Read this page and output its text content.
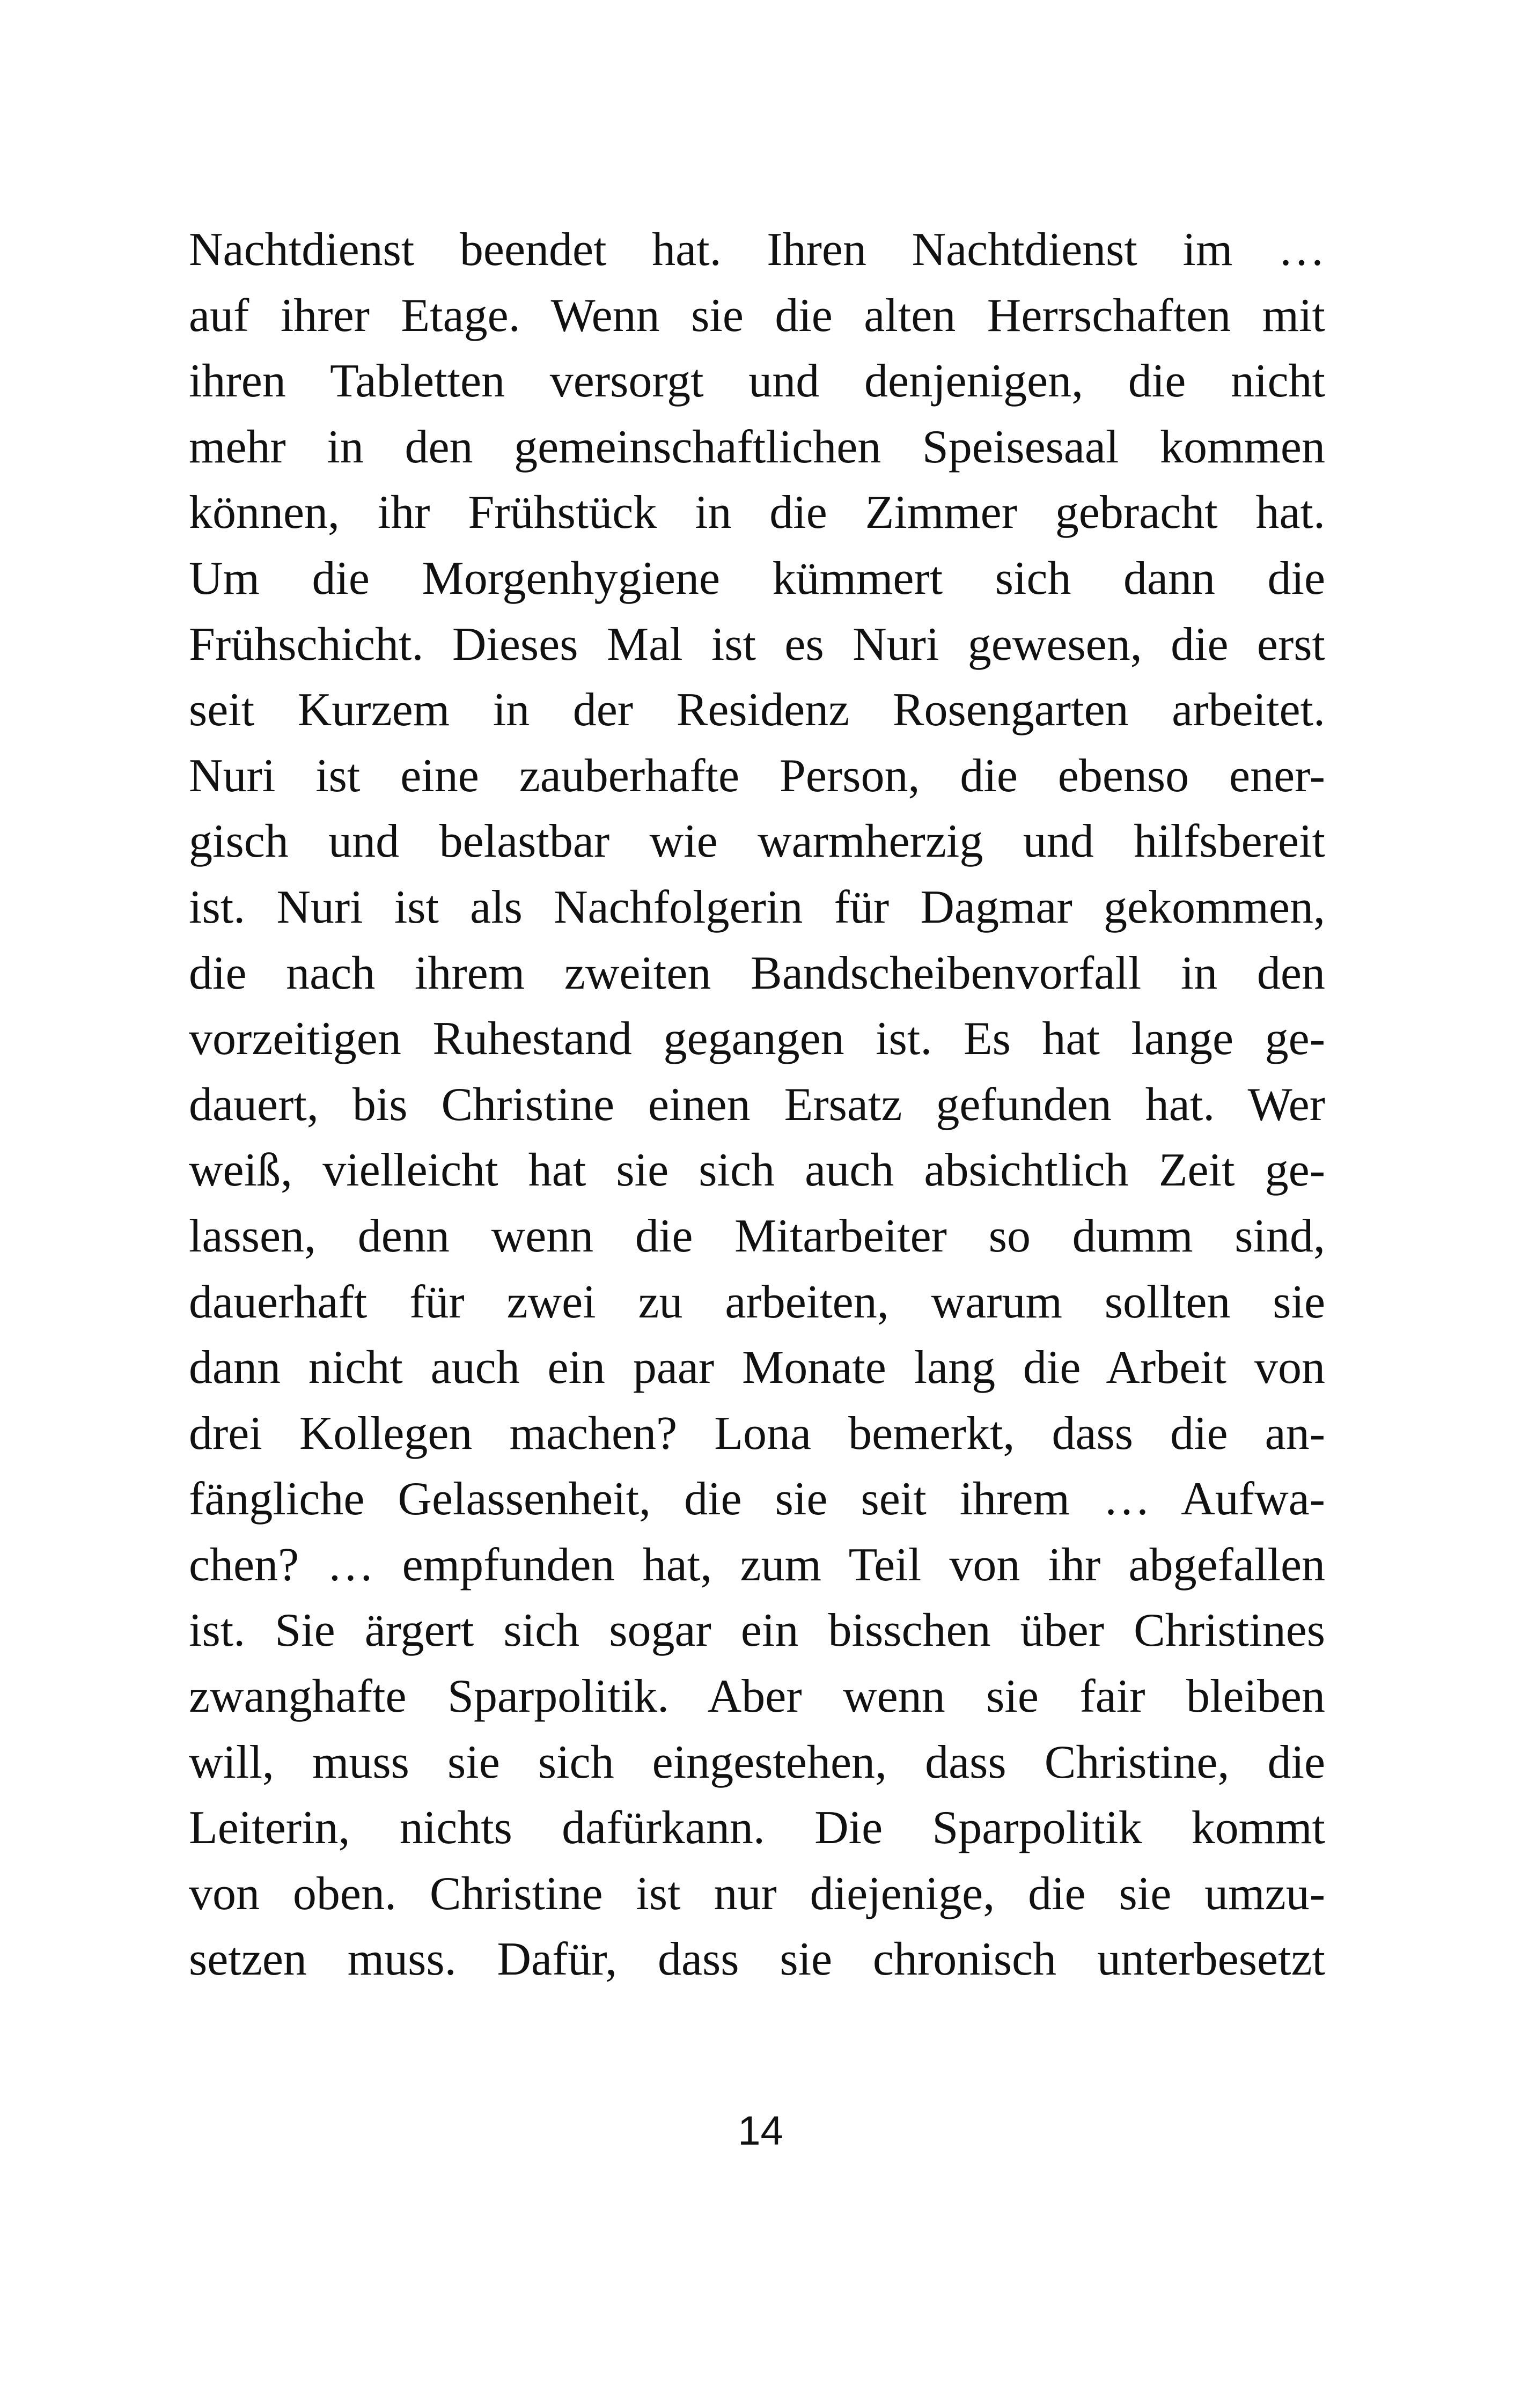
Nachtdienst beendet hat. Ihren Nachtdienst im …
auf ihrer Etage. Wenn sie die alten Herrschaften mit
ihren Tabletten versorgt und denjenigen, die nicht
mehr in den gemeinschaftlichen Speisesaal kommen
können, ihr Frühstück in die Zimmer gebracht hat.
Um die Morgenhygiene kümmert sich dann die
Frühschicht. Dieses Mal ist es Nuri gewesen, die erst
seit Kurzem in der Residenz Rosengarten arbeitet.
Nuri ist eine zauberhafte Person, die ebenso ener-
gisch und belastbar wie warmherzig und hilfsbereit
ist. Nuri ist als Nachfolgerin für Dagmar gekommen,
die nach ihrem zweiten Bandscheibenvorfall in den
vorzeitigen Ruhestand gegangen ist. Es hat lange ge-
dauert, bis Christine einen Ersatz gefunden hat. Wer
weiß, vielleicht hat sie sich auch absichtlich Zeit ge-
lassen, denn wenn die Mitarbeiter so dumm sind,
dauerhaft für zwei zu arbeiten, warum sollten sie
dann nicht auch ein paar Monate lang die Arbeit von
drei Kollegen machen? Lona bemerkt, dass die an-
fängliche Gelassenheit, die sie seit ihrem … Aufwa-
chen? … empfunden hat, zum Teil von ihr abgefallen
ist. Sie ärgert sich sogar ein bisschen über Christines
zwanghafte Sparpolitik. Aber wenn sie fair bleiben
will, muss sie sich eingestehen, dass Christine, die
Leiterin, nichts dafürkann. Die Sparpolitik kommt
von oben. Christine ist nur diejenige, die sie umzu-
setzen muss. Dafür, dass sie chronisch unterbesetzt
14
